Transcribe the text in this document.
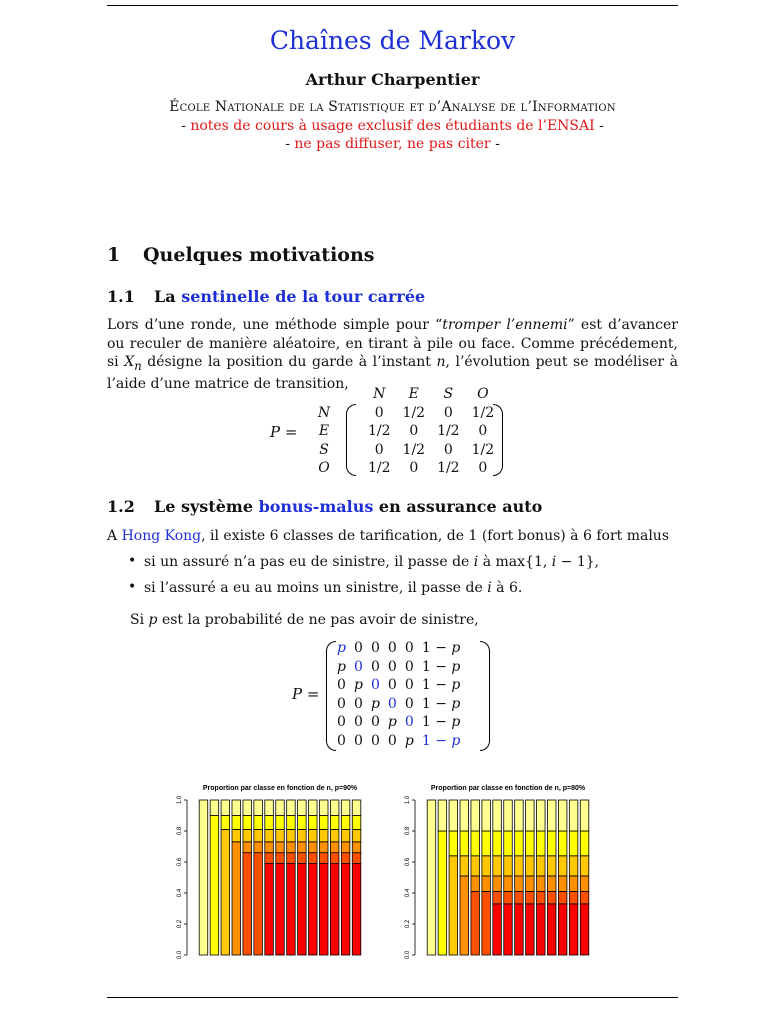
Chaînes de Markov
Arthur Charpentier
École Nationale de la Statistique et d’Analyse de l’Information
- notes de cours à usage exclusif des étudiants de l’ENSAI -
- ne pas diffuser, ne pas citer -
1 Quelques motivations
1.1 La sentinelle de la tour carrée
Lors d’une ronde, une méthode simple pour “tromper l’ennemi” est d’avancer ou reculer de manière aléatoire, en tirant à pile ou face. Comme précédement, si $X_n$ désigne la position du garde à l’instant n, l’évolution peut se modéliser à l’aide d’une matrice de transition,
P =
		N	E	S	O
N		0	1/2	0	1/2
E		1/2	0	1/2	0
S		0	1/2	0	1/2
O		1/2	0	1/2	0
1.2 Le système bonus-malus en assurance auto
A Hong Kong, il existe 6 classes de tarification, de 1 (fort bonus) à 6 fort malus
• si un assuré n’a pas eu de sinistre, il passe de i à max{1, i − 1},
• si l’assuré a eu au moins un sinistre, il passe de i à 6.
Si p est la probabilité de ne pas avoir de sinistre,
P =
p	0	0	0	0	1 − p
p	0	0	0	0	1 − p
0	p	0	0	0	1 − p
0	0	p	0	0	1 − p
0	0	0	p	0	1 − p
0	0	0	0	p	1 − p
Proportion par classe en fonction de n, p=90%
0.0
0.2
0.4
0.6
0.8
1.0
Proportion par classe en fonction de n, p=80%
0.0
0.2
0.4
0.6
0.8
1.0
